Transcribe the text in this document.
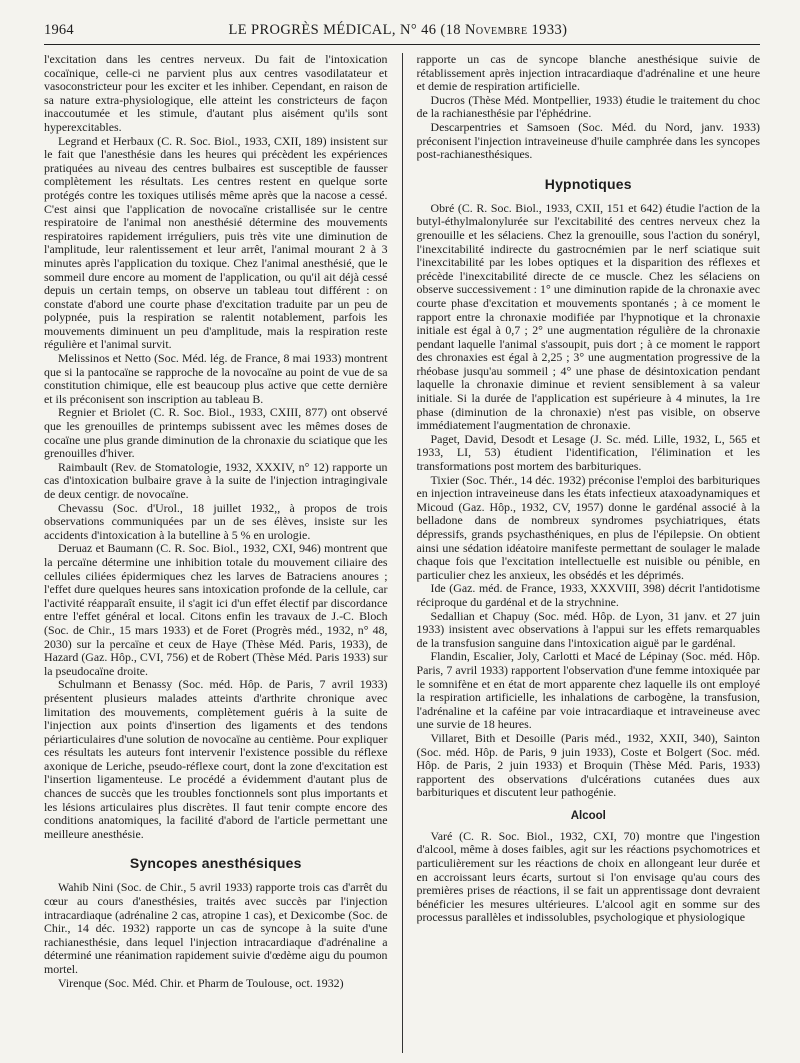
1964	LE PROGRÈS MÉDICAL, N° 46 (18 Novembre 1933)

l'excitation dans les centres nerveux. Du fait de l'intoxication cocaïnique, celle-ci ne parvient plus aux centres vasodilatateur et vasoconstricteur pour les exciter et les inhiber. Cependant, en raison de sa nature extra-physiologique, elle atteint les constricteurs de façon inaccoutumée et les stimule, d'autant plus aisément qu'ils sont hyperexcitables.

Legrand et Herbaux (C. R. Soc. Biol., 1933, CXII, 189) insistent sur le fait que l'anesthésie dans les heures qui précèdent les expériences pratiquées au niveau des centres bulbaires est susceptible de fausser complètement les résultats. Les centres restent en quelque sorte protégés contre les toxiques utilisés même après que la nacose a cessé. C'est ainsi que l'application de novocaïne cristallisée sur le centre respiratoire de l'animal non anesthésié détermine des mouvements respiratoires rapidement irréguliers, puis très vite une diminution de l'amplitude, leur ralentissement et leur arrêt, l'animal mourant 2 à 3 minutes après l'application du toxique. Chez l'animal anesthésié, que le sommeil dure encore au moment de l'application, ou qu'il ait déjà cessé depuis un certain temps, on observe un tableau tout différent : on constate d'abord une courte phase d'excitation traduite par un peu de polypnée, puis la respiration se ralentit notablement, parfois les mouvements diminuent un peu d'amplitude, mais la respiration reste régulière et l'animal survit.

Melissinos et Netto (Soc. Méd. lég. de France, 8 mai 1933) montrent que si la pantocaïne se rapproche de la novocaïne au point de vue de sa constitution chimique, elle est beaucoup plus active que cette dernière et ils préconisent son inscription au tableau B.

Regnier et Briolet (C. R. Soc. Biol., 1933, CXIII, 877) ont observé que les grenouilles de printemps subissent avec les mêmes doses de cocaïne une plus grande diminution de la chronaxie du sciatique que les grenouilles d'hiver.

Raimbault (Rev. de Stomatologie, 1932, XXXIV, n° 12) rapporte un cas d'intoxication bulbaire grave à la suite de l'injection intragingivale de deux centigr. de novocaïne.

Chevassu (Soc. d'Urol., 18 juillet 1932,, à propos de trois observations communiquées par un de ses élèves, insiste sur les accidents d'intoxication à la butelline à 5 % en urologie.

Deruaz et Baumann (C. R. Soc. Biol., 1932, CXI, 946) montrent que la percaïne détermine une inhibition totale du mouvement ciliaire des cellules ciliées épidermiques chez les larves de Batraciens anoures ; l'effet dure quelques heures sans intoxication profonde de la cellule, car l'activité réapparaît ensuite, il s'agit ici d'un effet électif par discordance entre l'effet général et local. Citons enfin les travaux de J.-C. Bloch (Soc. de Chir., 15 mars 1933) et de Foret (Progrès méd., 1932, n° 48, 2030) sur la percaïne et ceux de Haye (Thèse Méd. Paris, 1933), de Hazard (Gaz. Hôp., CVI, 756) et de Robert (Thèse Méd. Paris 1933) sur la pseudocaïne droite.

Schulmann et Benassy (Soc. méd. Hôp. de Paris, 7 avril 1933) présentent plusieurs malades atteints d'arthrite chronique avec limitation des mouvements, complètement guéris à la suite de l'injection aux points d'insertion des ligaments et des tendons périarticulaires d'une solution de novocaïne au centième. Pour expliquer ces résultats les auteurs font intervenir l'existence possible du réflexe axonique de Leriche, pseudo-réflexe court, dont la zone d'excitation est l'insertion ligamenteuse. Le procédé a évidemment d'autant plus de chances de succès que les troubles fonctionnels sont plus importants et les lésions articulaires plus discrètes. Il faut tenir compte encore des conditions anatomiques, la facilité d'abord de l'article permettant une meilleure anesthésie.

Syncopes anesthésiques

Wahib Nini (Soc. de Chir., 5 avril 1933) rapporte trois cas d'arrêt du cœur au cours d'anesthésies, traités avec succès par l'injection intracardiaque (adrénaline 2 cas, atropine 1 cas), et Dexicombe (Soc. de Chir., 14 déc. 1932) rapporte un cas de syncope à la suite d'une rachianesthésie, dans lequel l'injection intracardiaque d'adrénaline a déterminé une réanimation rapidement suivie d'œdème aigu du poumon mortel.

Virenque (Soc. Méd. Chir. et Pharm de Toulouse, oct. 1932)

rapporte un cas de syncope blanche anesthésique suivie de rétablissement après injection intracardiaque d'adrénaline et une heure et demie de respiration artificielle.

Ducros (Thèse Méd. Montpellier, 1933) étudie le traitement du choc de la rachianesthésie par l'éphédrine.

Descarpentries et Samsoen (Soc. Méd. du Nord, janv. 1933) préconisent l'injection intraveineuse d'huile camphrée dans les syncopes post-rachianesthésiques.

Hypnotiques

Obré (C. R. Soc. Biol., 1933, CXII, 151 et 642) étudie l'action de la butyl-éthylmalonylurée sur l'excitabilité des centres nerveux chez la grenouille et les sélaciens. Chez la grenouille, sous l'action du sonéryl, l'inexcitabilité indirecte du gastrocnémien par le nerf sciatique suit l'inexcitabilité par les lobes optiques et la disparition des réflexes et précède l'inexcitabilité directe de ce muscle. Chez les sélaciens on observe successivement : 1° une diminution rapide de la chronaxie avec courte phase d'excitation et mouvements spontanés ; à ce moment le rapport entre la chronaxie modifiée par l'hypnotique et la chronaxie initiale est égal à 0,7 ; 2° une augmentation régulière de la chronaxie pendant laquelle l'animal s'assoupit, puis dort ; à ce moment le rapport des chronaxies est égal à 2,25 ; 3° une augmentation progressive de la rhéobase jusqu'au sommeil ; 4° une phase de désintoxication pendant laquelle la chronaxie diminue et revient sensiblement à sa valeur initiale. Si la durée de l'application est supérieure à 4 minutes, la 1re phase (diminution de la chronaxie) n'est pas visible, on observe immédiatement l'augmentation de chronaxie.

Paget, David, Desodt et Lesage (J. Sc. méd. Lille, 1932, L, 565 et 1933, LI, 53) étudient l'identification, l'élimination et les transformations post mortem des barbituriques.

Tixier (Soc. Thér., 14 déc. 1932) préconise l'emploi des barbituriques en injection intraveineuse dans les états infectieux ataxoadynamiques et Micoud (Gaz. Hôp., 1932, CV, 1957) donne le gardénal associé à la belladone dans de nombreux syndromes psychiatriques, états dépressifs, grands psychasthéniques, en plus de l'épilepsie. On obtient ainsi une sédation idéatoire manifeste permettant de soulager le malade chaque fois que l'excitation intellectuelle est nuisible ou pénible, en particulier chez les anxieux, les obsédés et les déprimés.

Ide (Gaz. méd. de France, 1933, XXXVIII, 398) décrit l'antidotisme réciproque du gardénal et de la strychnine.

Sedallian et Chapuy (Soc. méd. Hôp. de Lyon, 31 janv. et 27 juin 1933) insistent avec observations à l'appui sur les effets remarquables de la transfusion sanguine dans l'intoxication aiguë par le gardénal.

Flandin, Escalier, Joly, Carlotti et Macé de Lépinay (Soc. méd. Hôp. Paris, 7 avril 1933) rapportent l'observation d'une femme intoxiquée par le somnifène et en état de mort apparente chez laquelle ils ont employé la respiration artificielle, les inhalations de carbogène, la transfusion, l'adrénaline et la caféine par voie intracardiaque et intraveineuse avec une survie de 18 heures.

Villaret, Bith et Desoille (Paris méd., 1932, XXII, 340), Sainton (Soc. méd. Hôp. de Paris, 9 juin 1933), Coste et Bolgert (Soc. méd. Hôp. de Paris, 2 juin 1933) et Broquin (Thèse Méd. Paris, 1933) rapportent des observations d'ulcérations cutanées dues aux barbituriques et discutent leur pathogénie.

Alcool

Varé (C. R. Soc. Biol., 1932, CXI, 70) montre que l'ingestion d'alcool, même à doses faibles, agit sur les réactions psychomotrices et particulièrement sur les réactions de choix en allongeant leur durée et en accroissant leurs écarts, surtout si l'on envisage qu'au cours des premières prises de réactions, il se fait un apprentissage dont devraient bénéficier les mesures ultérieures. L'alcool agit en somme sur des processus parallèles et indissolubles, psychologique et physiologique
